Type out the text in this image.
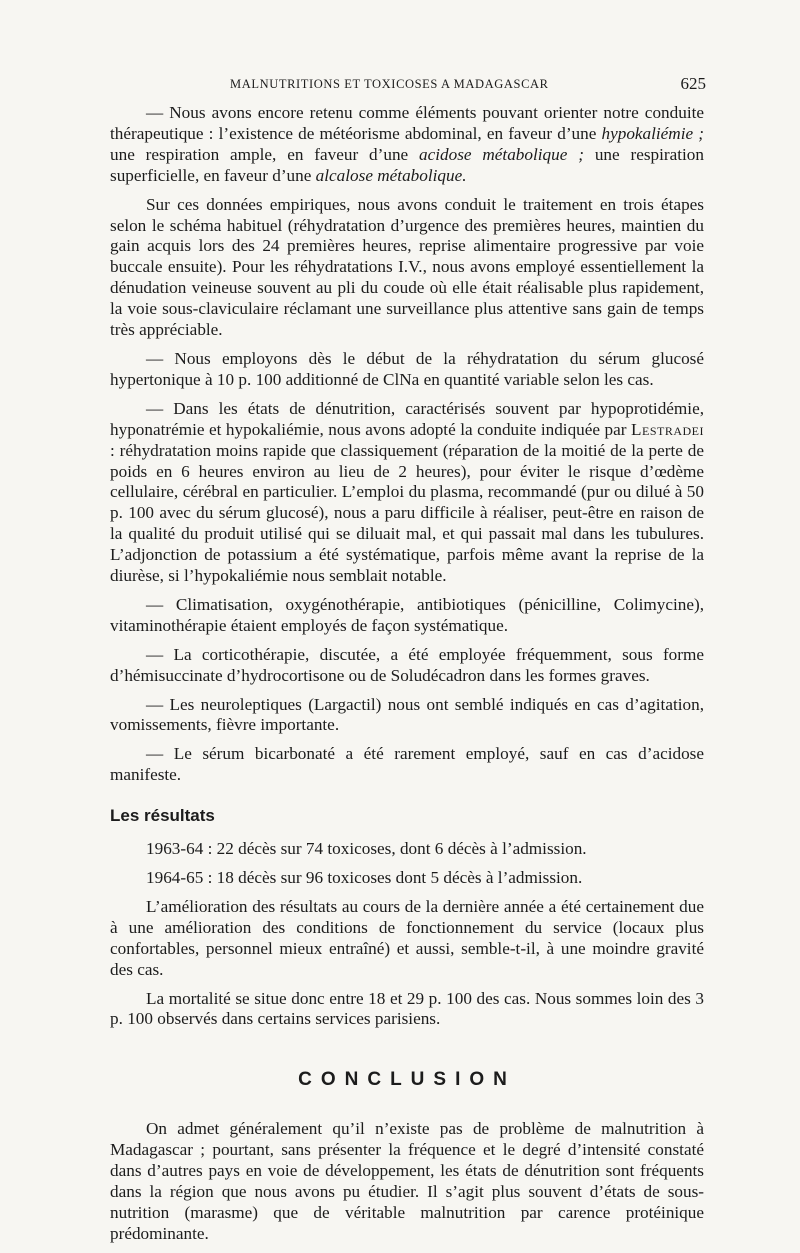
MALNUTRITIONS ET TOXICOSES A MADAGASCAR	625

— Nous avons encore retenu comme éléments pouvant orienter notre conduite thérapeutique : l’existence de météorisme abdominal, en faveur d’une hypokaliémie ; une respiration ample, en faveur d’une acidose métabolique ; une respiration superficielle, en faveur d’une alcalose métabolique.

Sur ces données empiriques, nous avons conduit le traitement en trois étapes selon le schéma habituel (réhydratation d’urgence des premières heures, maintien du gain acquis lors des 24 premières heures, reprise alimentaire progressive par voie buccale ensuite). Pour les réhydratations I.V., nous avons employé essentiellement la dénudation veineuse souvent au pli du coude où elle était réalisable plus rapidement, la voie sous-claviculaire réclamant une surveillance plus attentive sans gain de temps très appréciable.

— Nous employons dès le début de la réhydratation du sérum glucosé hypertonique à 10 p. 100 additionné de ClNa en quantité variable selon les cas.

— Dans les états de dénutrition, caractérisés souvent par hypoprotidémie, hyponatrémie et hypokaliémie, nous avons adopté la conduite indiquée par Lestradei : réhydratation moins rapide que classiquement (réparation de la moitié de la perte de poids en 6 heures environ au lieu de 2 heures), pour éviter le risque d’œdème cellulaire, cérébral en particulier. L’emploi du plasma, recommandé (pur ou dilué à 50 p. 100 avec du sérum glucosé), nous a paru difficile à réaliser, peut-être en raison de la qualité du produit utilisé qui se diluait mal, et qui passait mal dans les tubulures. L’adjonction de potassium a été systématique, parfois même avant la reprise de la diurèse, si l’hypokaliémie nous semblait notable.

— Climatisation, oxygénothérapie, antibiotiques (pénicilline, Colimycine), vitaminothérapie étaient employés de façon systématique.

— La corticothérapie, discutée, a été employée fréquemment, sous forme d’hémisuccinate d’hydrocortisone ou de Soludécadron dans les formes graves.

— Les neuroleptiques (Largactil) nous ont semblé indiqués en cas d’agitation, vomissements, fièvre importante.

— Le sérum bicarbonaté a été rarement employé, sauf en cas d’acidose manifeste.

Les résultats

1963-64 : 22 décès sur 74 toxicoses, dont 6 décès à l’admission.

1964-65 : 18 décès sur 96 toxicoses dont 5 décès à l’admission.

L’amélioration des résultats au cours de la dernière année a été certainement due à une amélioration des conditions de fonctionnement du service (locaux plus confortables, personnel mieux entraîné) et aussi, semble-t-il, à une moindre gravité des cas.

La mortalité se situe donc entre 18 et 29 p. 100 des cas. Nous sommes loin des 3 p. 100 observés dans certains services parisiens.

CONCLUSION

On admet généralement qu’il n’existe pas de problème de malnutrition à Madagascar ; pourtant, sans présenter la fréquence et le degré d’intensité constaté dans d’autres pays en voie de développement, les états de dénutrition sont fréquents dans la région que nous avons pu étudier. Il s’agit plus souvent d’états de sous-nutrition (marasme) que de véritable malnutrition par carence protéinique prédominante.
